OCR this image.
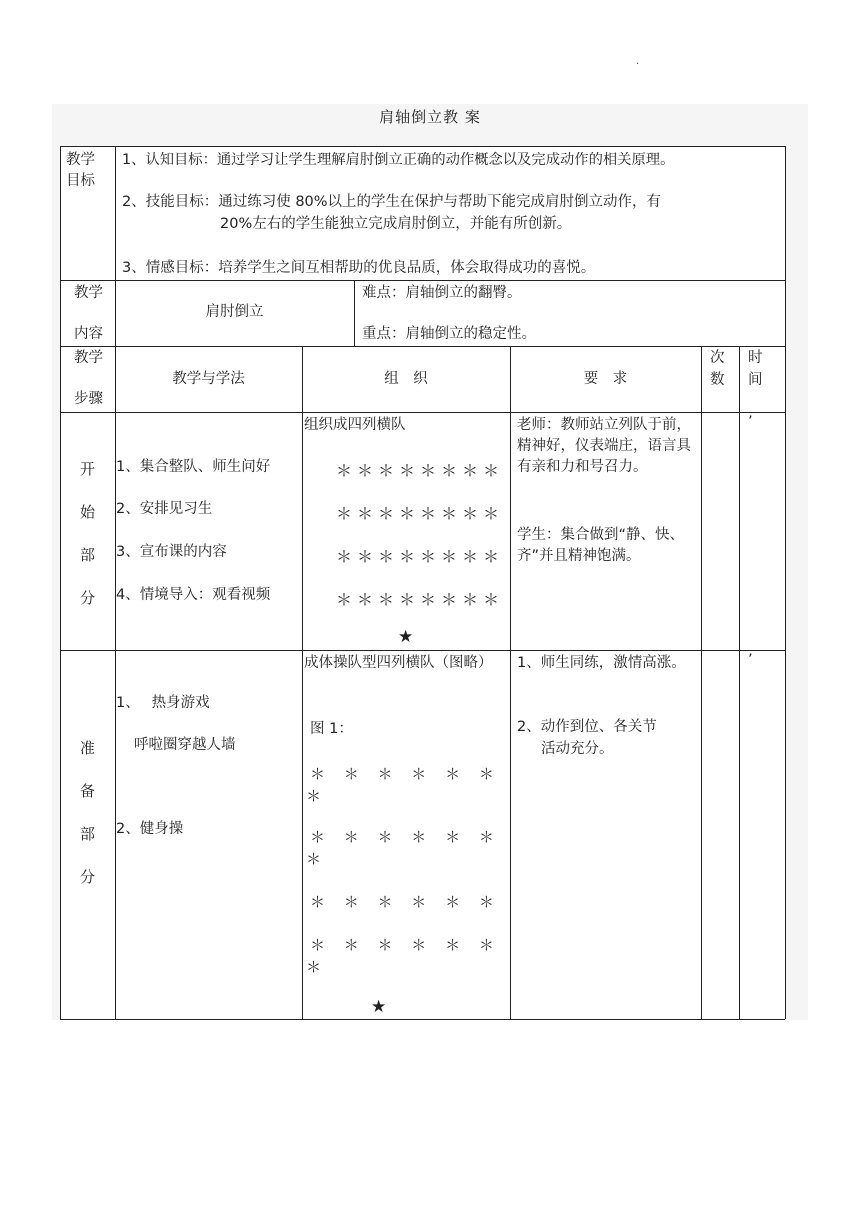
.
肩轴倒立教 案
教学
目标
1、认知目标：通过学习让学生理解肩肘倒立正确的动作概念以及完成动作的相关原理。
2、技能目标：通过练习使 80%以上的学生在保护与帮助下能完成肩肘倒立动作，有
20%左右的学生能独立完成肩肘倒立，并能有所创新。
3、情感目标：培养学生之间互相帮助的优良品质，体会取得成功的喜悦。
教学
内容
肩肘倒立
难点：肩轴倒立的翻臀。
重点：肩轴倒立的稳定性。
教学
步骤
教学与学法	组　织	要　求
次
数
时
间
开
始
部
分
1、集合整队、师生问好
2、安排见习生
3、宣布课的内容
4、情境导入：观看视频
组织成四列横队
＊＊＊＊＊＊＊＊
＊＊＊＊＊＊＊＊
＊＊＊＊＊＊＊＊
＊＊＊＊＊＊＊＊
★
老师：教师站立列队于前，精神好，仪表端庄，语言具有亲和力和号召力。
学生：集合做到“静、快、齐”并且精神饱满。
’
准
备
部
分
1、　 热身游戏
呼啦圈穿越人墙
2、健身操
成体操队型四列横队（图略）
图 1：
＊ ＊ ＊ ＊ ＊ ＊
＊
＊ ＊ ＊ ＊ ＊ ＊
＊
＊ ＊ ＊ ＊ ＊ ＊
＊ ＊ ＊ ＊ ＊ ＊
＊
★
1、师生同练，激情高涨。
2、动作到位、各关节
活动充分。
’
